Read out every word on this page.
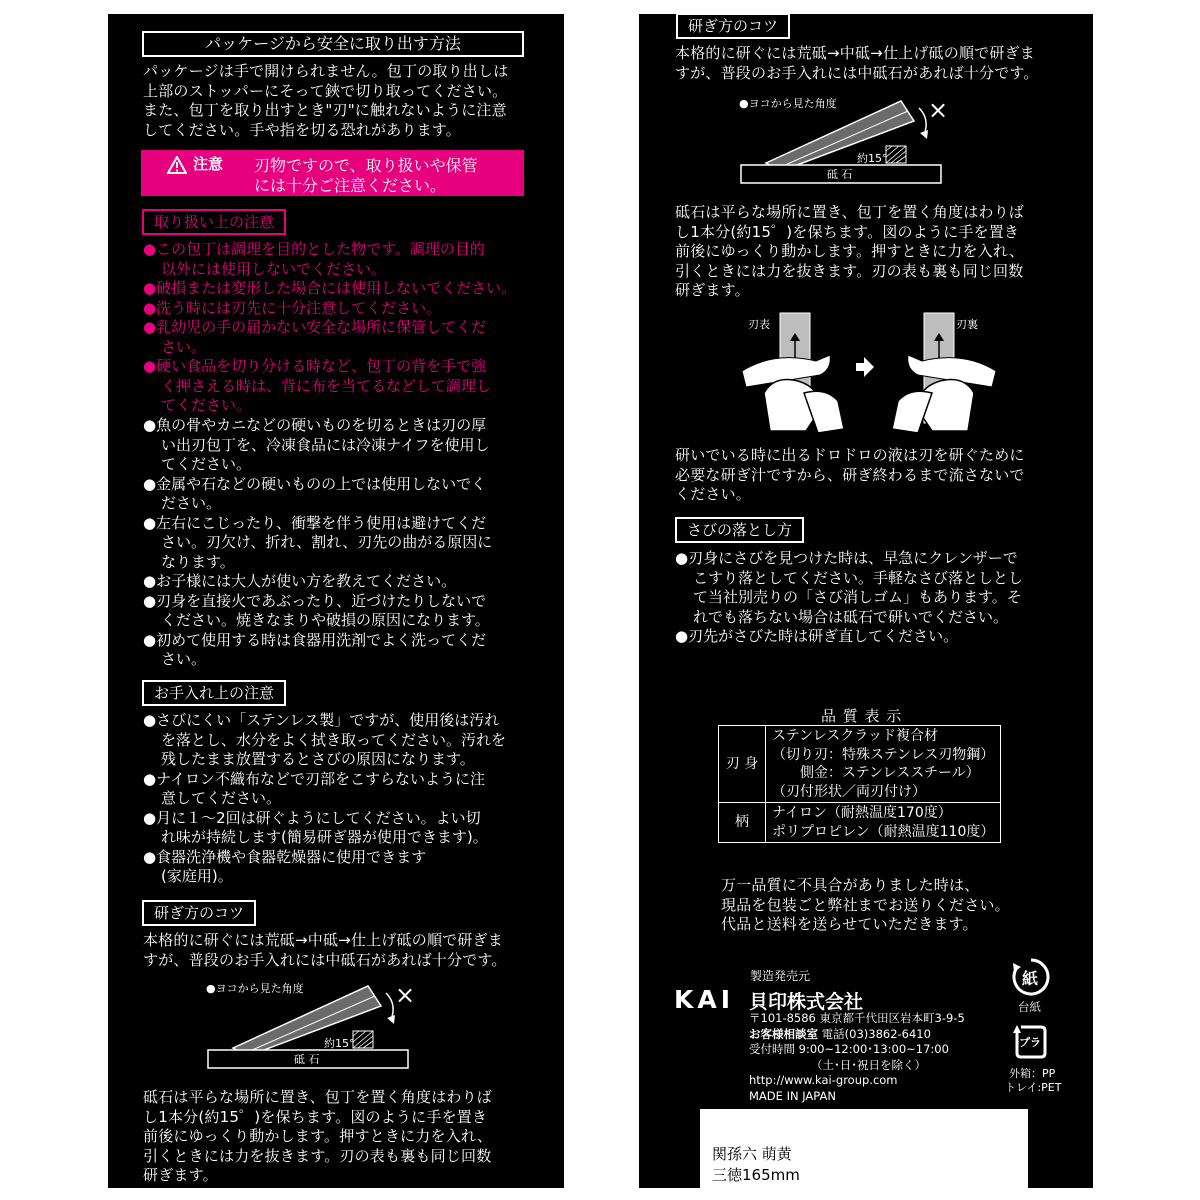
パッケージから安全に取り出す方法
パッケージは手で開けられません。包丁の取り出しは
上部のストッパーにそって鋏で切り取ってください。
また、包丁を取り出すとき"刃"に触れないように注意
してください。手や指を切る恐れがあります。
注意 刃物ですので、取り扱いや保管
には十分ご注意ください。
取り扱い上の注意
●この包丁は調理を目的とした物です。調理の目的
以外には使用しないでください。
●破損または変形した場合には使用しないでください。
●洗う時には刃先に十分注意してください。
●乳幼児の手の届かない安全な場所に保管してくだ
さい。
●硬い食品を切り分ける時など、包丁の背を手で強
く押さえる時は、背に布を当てるなどして調理し
てください。
●魚の骨やカニなどの硬いものを切るときは刃の厚
い出刃包丁を、冷凍食品には冷凍ナイフを使用し
てください。
●金属や石などの硬いものの上では使用しないでく
ださい。
●左右にこじったり、衝撃を伴う使用は避けてくだ
さい。刃欠け、折れ、割れ、刃先の曲がる原因に
なります。
●お子様には大人が使い方を教えてください。
●刃身を直接火であぶったり、近づけたりしないで
ください。焼きなまりや破損の原因になります。
●初めて使用する時は食器用洗剤でよく洗ってくだ
さい。
お手入れ上の注意
●さびにくい「ステンレス製」ですが、使用後は汚れ
を落とし、水分をよく拭き取ってください。汚れを
残したまま放置するとさびの原因になります。
●ナイロン不織布などで刃部をこすらないように注
意してください。
●月に１～2回は研ぐようにしてください。よい切
れ味が持続します(簡易研ぎ器が使用できます)。
●食器洗浄機や食器乾燥器に使用できます
(家庭用)。
研ぎ方のコツ
本格的に研ぐには荒砥→中砥→仕上げ砥の順で研ぎま
すが、普段のお手入れには中砥石があれば十分です。
●ヨコから見た角度	×
約15°
砥 石
砥石は平らな場所に置き、包丁を置く角度はわりば
し1本分(約15゜)を保ちます。図のように手を置き
前後にゆっくり動かします。押すときに力を入れ、
引くときには力を抜きます。刃の表も裏も同じ回数
研ぎます。
研ぎ方のコツ
本格的に研ぐには荒砥→中砥→仕上げ砥の順で研ぎま
すが、普段のお手入れには中砥石があれば十分です。
●ヨコから見た角度	×
約15°
砥 石
砥石は平らな場所に置き、包丁を置く角度はわりば
し1本分(約15゜)を保ちます。図のように手を置き
前後にゆっくり動かします。押すときに力を入れ、
引くときには力を抜きます。刃の表も裏も同じ回数
研ぎます。
刃表	刃裏
研いでいる時に出るドロドロの液は刃を研ぐために
必要な研ぎ汁ですから、研ぎ終わるまで流さないで
ください。
さびの落とし方
●刃身にさびを見つけた時は、早急にクレンザーで
こすり落としてください。手軽なさび落としとし
て当社別売りの「さび消しゴム」もあります。そ
れでも落ちない場合は砥石で研いでください。
●刃先がさびた時は研ぎ直してください。
品 質 表 示
刃 身	ステンレスクラッド複合材
（切り刃：特殊ステンレス刃物鋼）
側金：ステンレススチール）
（刃付形状／両刃付け）

柄	ナイロン（耐熱温度170度）
ポリプロピレン（耐熱温度110度）
万一品質に不具合がありました時は、
現品を包装ごと弊社までお送りください。
代品と送料を送らせていただきます。
製造発売元
KAI 貝印株式会社
〒101-8586 東京都千代田区岩本町3-9-5
お客様相談室 電話(03)3862-6410
受付時間 9:00~12:00･13:00~17:00
（土･日･祝日を除く）
http://www.kai-group.com
MADE IN JAPAN
紙
台紙
プラ
外箱：PP
トレイ:PET
関孫六 萌黄
三徳165mm
